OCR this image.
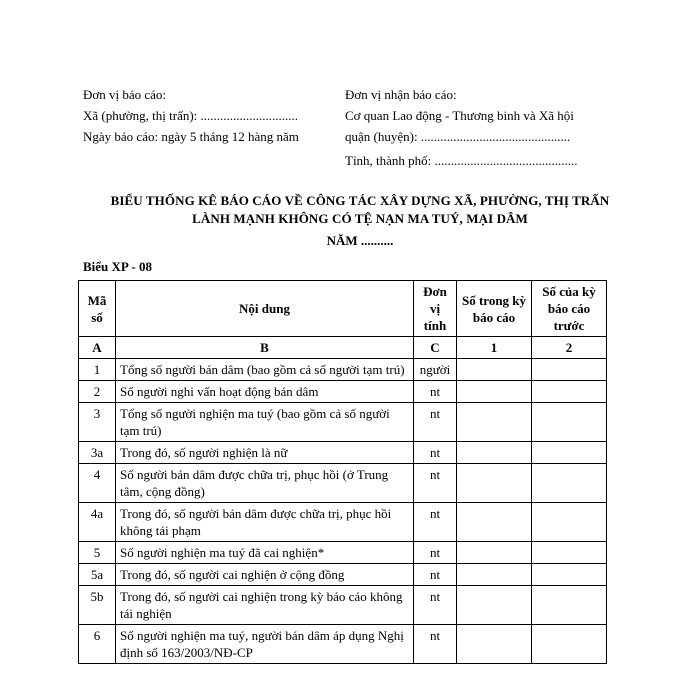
Đơn vị báo cáo:
Xã (phường, thị trấn): ..............................
Ngày báo cáo: ngày 5 tháng 12 hàng năm
Đơn vị nhận báo cáo:
Cơ quan Lao động - Thương binh và Xã hội
quận (huyện): ..............................................
Tỉnh, thành phố: ............................................
BIỂU THỐNG KÊ BÁO CÁO VỀ CÔNG TÁC XÂY DỰNG XÃ, PHƯỜNG, THỊ TRẤN
LÀNH MẠNH KHÔNG CÓ TỆ NẠN MA TUÝ, MẠI DÂM
NĂM ..........
Biểu XP - 08
Mã số	Nội dung	Đơn vị tính	Số trong kỳ báo cáo	Số của kỳ báo cáo trước
A	B	C	1	2
1	Tổng số người bán dâm (bao gồm cả số người tạm trú)	người		
2	Số người nghi vấn hoạt động bán dâm	nt		
3	Tổng số người nghiện ma tuý (bao gồm cả số người tạm trú)	nt		
3a	Trong đó, số người nghiện là nữ	nt		
4	Số người bán dâm được chữa trị, phục hồi (ở Trung tâm, cộng đồng)	nt		
4a	Trong đó, số người bán dâm được chữa trị, phục hồi không tái phạm	nt		
5	Số người nghiện ma tuý đã cai nghiện*	nt		
5a	Trong đó, số người cai nghiện ở cộng đồng	nt		
5b	Trong đó, số người cai nghiện trong kỳ báo cáo không tái nghiện	nt		
6	Số người nghiện ma tuý, người bán dâm áp dụng Nghị định số 163/2003/NĐ-CP	nt		
